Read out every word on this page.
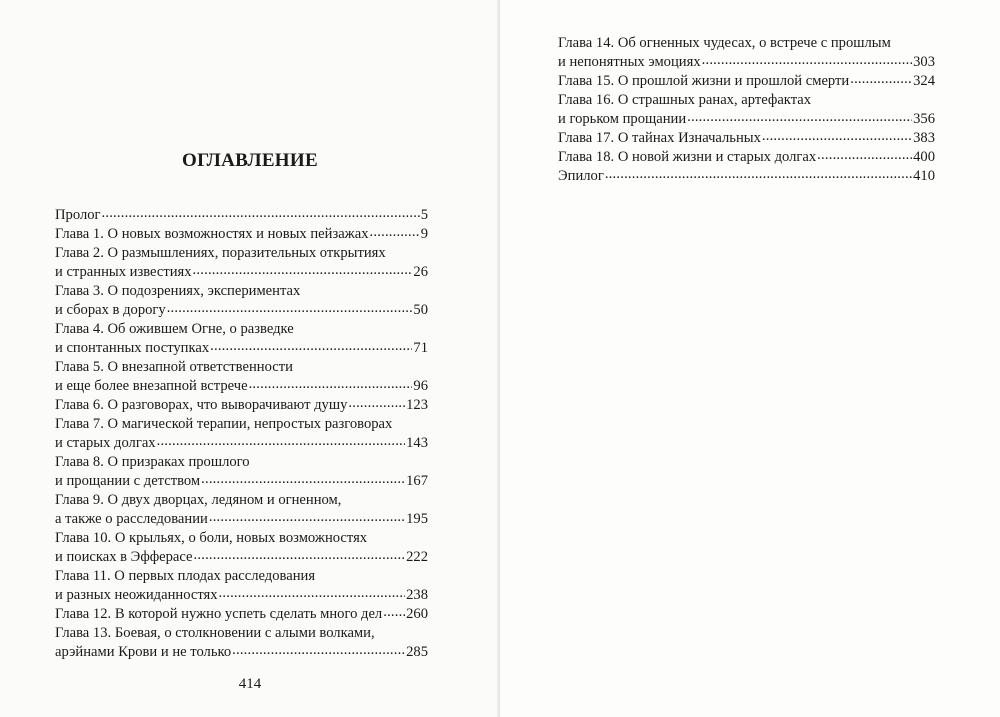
ОГЛАВЛЕНИЕ
Пролог .....	5
Глава 1. О новых возможностях и новых пейзажах .....	9
Глава 2. О размышлениях, поразительных открытиях
и странных известиях .....	26
Глава 3. О подозрениях, экспериментах
и сборах в дорогу .....	50
Глава 4. Об ожившем Огне, о разведке
и спонтанных поступках .....	71
Глава 5. О внезапной ответственности
и еще более внезапной встрече .....	96
Глава 6. О разговорах, что выворачивают душу .....	123
Глава 7. О магической терапии, непростых разговорах
и старых долгах .....	143
Глава 8. О призраках прошлого
и прощании с детством .....	167
Глава 9. О двух дворцах, ледяном и огненном,
а также о расследовании .....	195
Глава 10. О крыльях, о боли, новых возможностях
и поисках в Эфферасе .....	222
Глава 11. О первых плодах расследования
и разных неожиданностях .....	238
Глава 12. В которой нужно успеть сделать много дел ..... 260
Глава 13. Боевая, о столкновении с алыми волками,
арэйнами Крови и не только .....	285
414
Глава 14. Об огненных чудесах, о встрече с прошлым
и непонятных эмоциях .....	303
Глава 15. О прошлой жизни и прошлой смерти .....	324
Глава 16. О страшных ранах, артефактах
и горьком прощании .....	356
Глава 17. О тайнах Изначальных .....	383
Глава 18. О новой жизни и старых долгах .....	400
Эпилог .....	410
